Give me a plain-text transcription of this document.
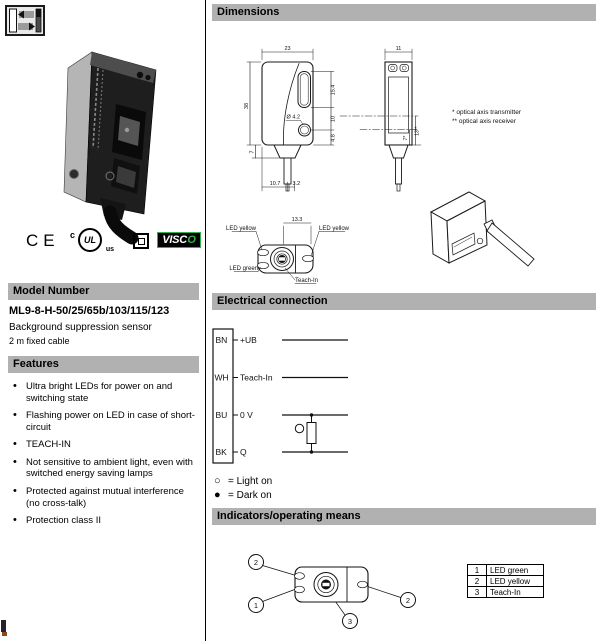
CE c UL
us
VISC O
Model Number
ML9-8-H-50/25/65b/103/115/123
Background suppression sensor
2 m fixed cable
Features
• Ultra bright LEDs for power on and switching state
• Flashing power on LED in case of short-circuit
• TEACH-IN
• Not sensitive to ambient light, even with switched energy saving lamps
• Protected against mutual interference (no cross-talk)
• Protection class II
Dimensions
23
38
7
15.4
10
4.8
Ø 4.2
10.7 3.2
11
13**
7*
13.3
* optical axis transmitter
** optical axis receiver
LED yellow	LED yellow
LED green
Teach-In
Electrical connection
BN
WH
BU
BK
+UB
Teach-In
0 V
Q
○ = Light on
● = Dark on
Indicators/operating means
2
1
3
2
1	LED green
2	LED yellow
3	Teach-In
